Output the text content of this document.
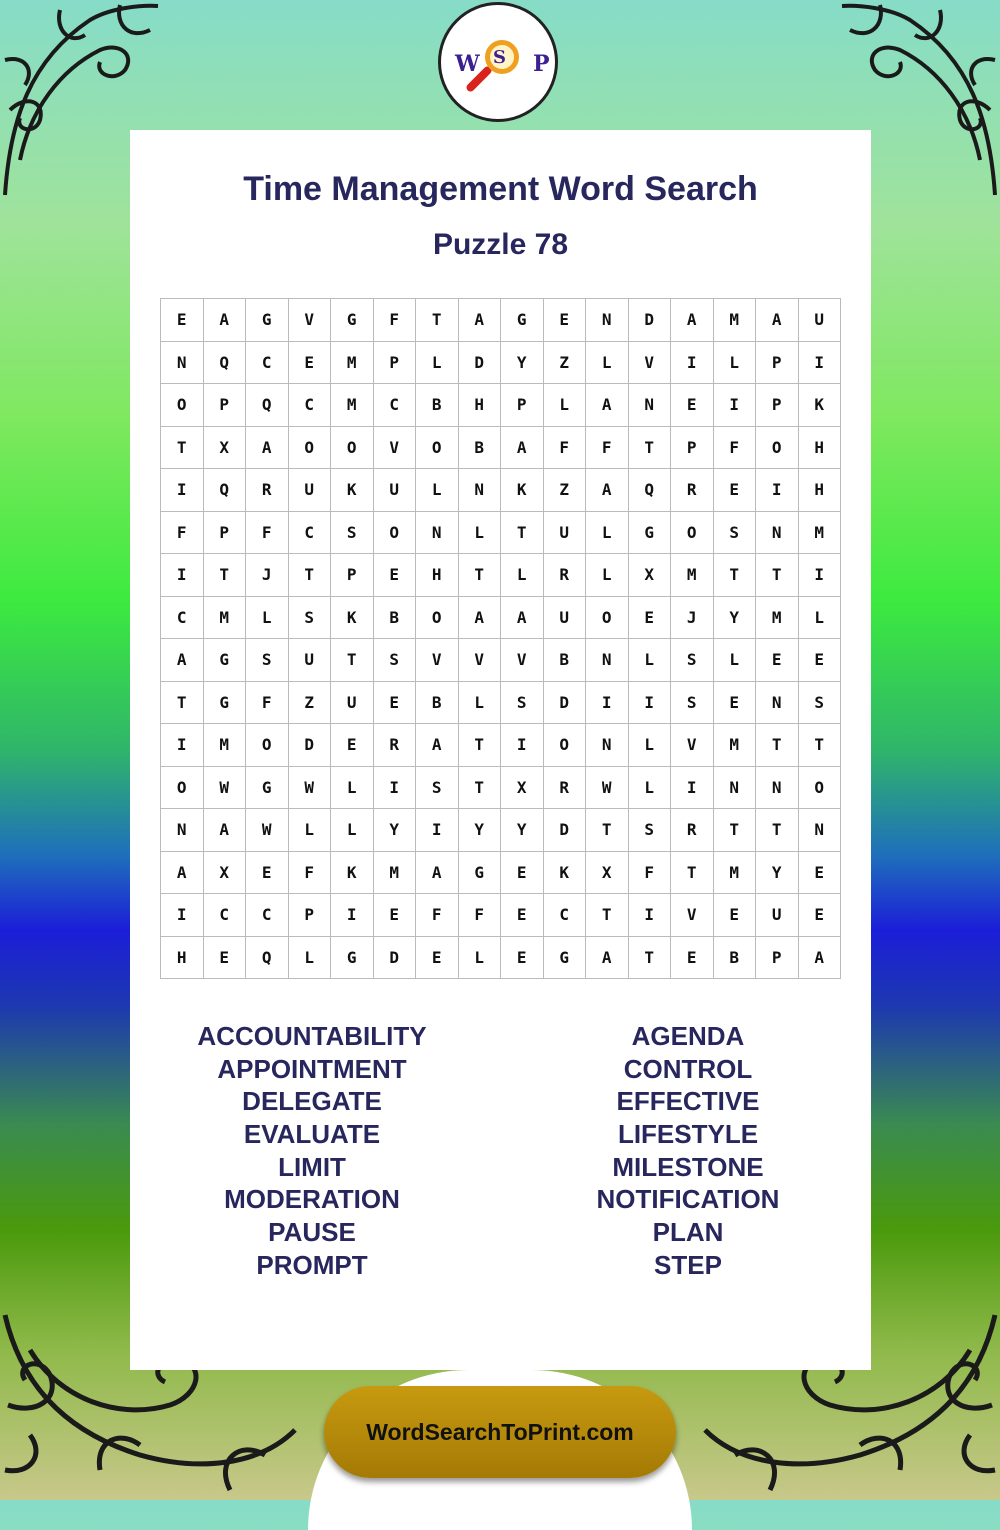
W S P
Time Management Word Search
Puzzle 78
E	A	G	V	G	F	T	A	G	E	N	D	A	M	A	U
N	Q	C	E	M	P	L	D	Y	Z	L	V	I	L	P	I
O	P	Q	C	M	C	B	H	P	L	A	N	E	I	P	K
T	X	A	O	O	V	O	B	A	F	F	T	P	F	O	H
I	Q	R	U	K	U	L	N	K	Z	A	Q	R	E	I	H
F	P	F	C	S	O	N	L	T	U	L	G	O	S	N	M
I	T	J	T	P	E	H	T	L	R	L	X	M	T	T	I
C	M	L	S	K	B	O	A	A	U	O	E	J	Y	M	L
A	G	S	U	T	S	V	V	V	B	N	L	S	L	E	E
T	G	F	Z	U	E	B	L	S	D	I	I	S	E	N	S
I	M	O	D	E	R	A	T	I	O	N	L	V	M	T	T
O	W	G	W	L	I	S	T	X	R	W	L	I	N	N	O
N	A	W	L	L	Y	I	Y	Y	D	T	S	R	T	T	N
A	X	E	F	K	M	A	G	E	K	X	F	T	M	Y	E
I	C	C	P	I	E	F	F	E	C	T	I	V	E	U	E
H	E	Q	L	G	D	E	L	E	G	A	T	E	B	P	A
ACCOUNTABILITY
APPOINTMENT
DELEGATE
EVALUATE
LIMIT
MODERATION
PAUSE
PROMPT
AGENDA
CONTROL
EFFECTIVE
LIFESTYLE
MILESTONE
NOTIFICATION
PLAN
STEP
WordSearchToPrint.com
